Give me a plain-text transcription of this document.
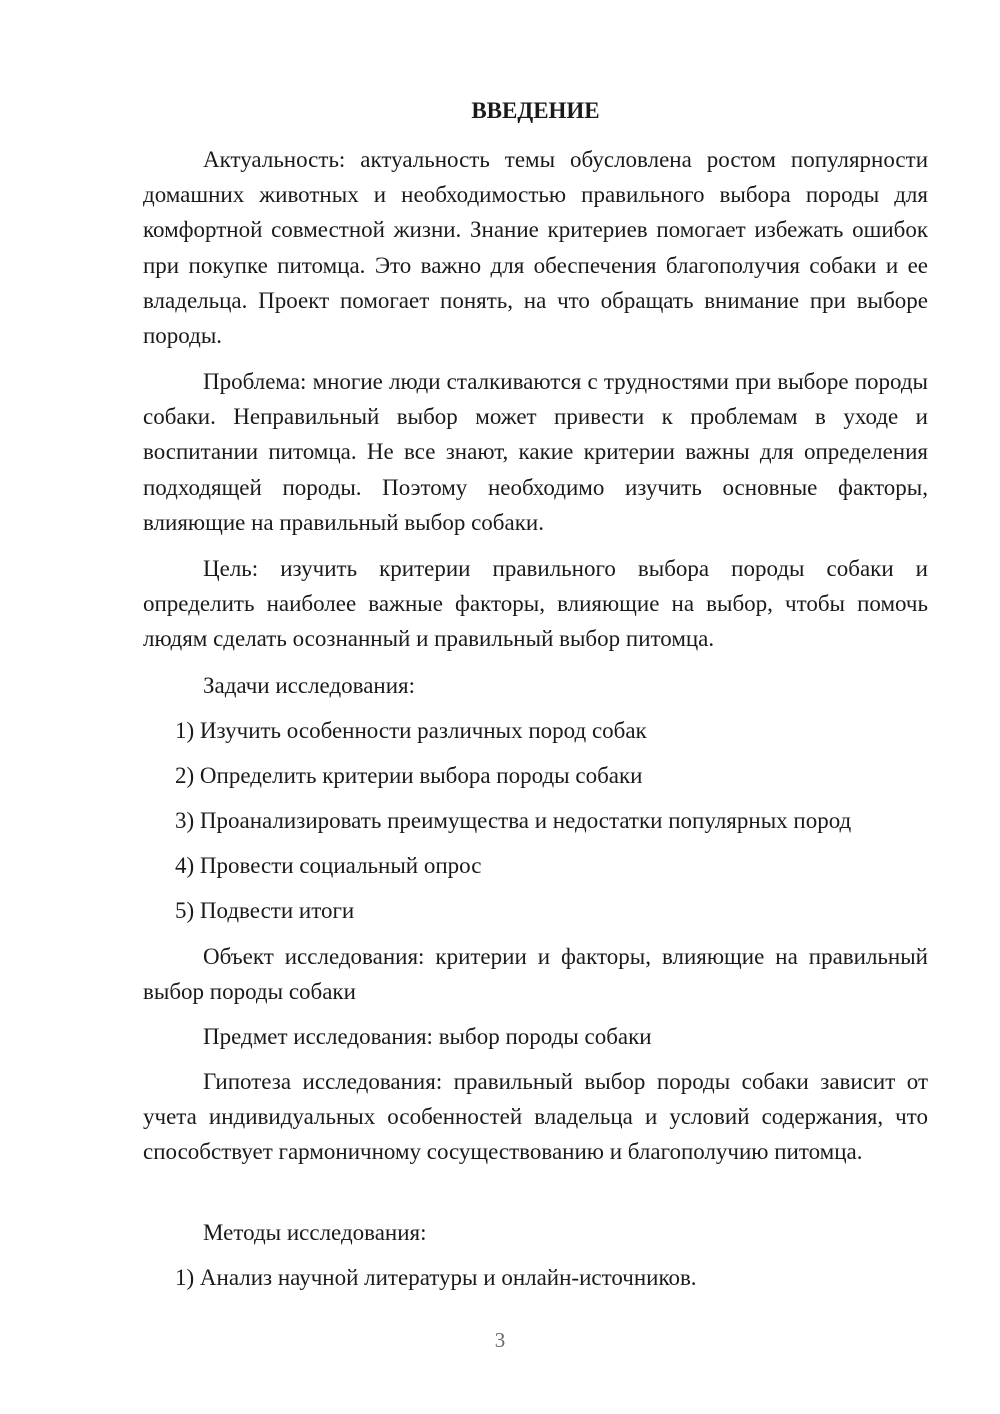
ВВЕДЕНИЕ

Актуальность: актуальность темы обусловлена ростом популярности домашних животных и необходимостью правильного выбора породы для комфортной совместной жизни. Знание критериев помогает избежать ошибок при покупке питомца. Это важно для обеспечения благополучия собаки и ее владельца. Проект помогает понять, на что обращать внимание при выборе породы.

Проблема: многие люди сталкиваются с трудностями при выборе породы собаки. Неправильный выбор может привести к проблемам в уходе и воспитании питомца. Не все знают, какие критерии важны для определения подходящей породы. Поэтому необходимо изучить основные факторы, влияющие на правильный выбор собаки.

Цель: изучить критерии правильного выбора породы собаки и определить наиболее важные факторы, влияющие на выбор, чтобы помочь людям сделать осознанный и правильный выбор питомца.

Задачи исследования:

1) Изучить особенности различных пород собак

2) Определить критерии выбора породы собаки

3) Проанализировать преимущества и недостатки популярных пород

4) Провести социальный опрос

5) Подвести итоги

Объект исследования: критерии и факторы, влияющие на правильный выбор породы собаки

Предмет исследования: выбор породы собаки

Гипотеза исследования: правильный выбор породы собаки зависит от учета индивидуальных особенностей владельца и условий содержания, что способствует гармоничному сосуществованию и благополучию питомца.

Методы исследования:

1) Анализ научной литературы и онлайн-источников.

3
